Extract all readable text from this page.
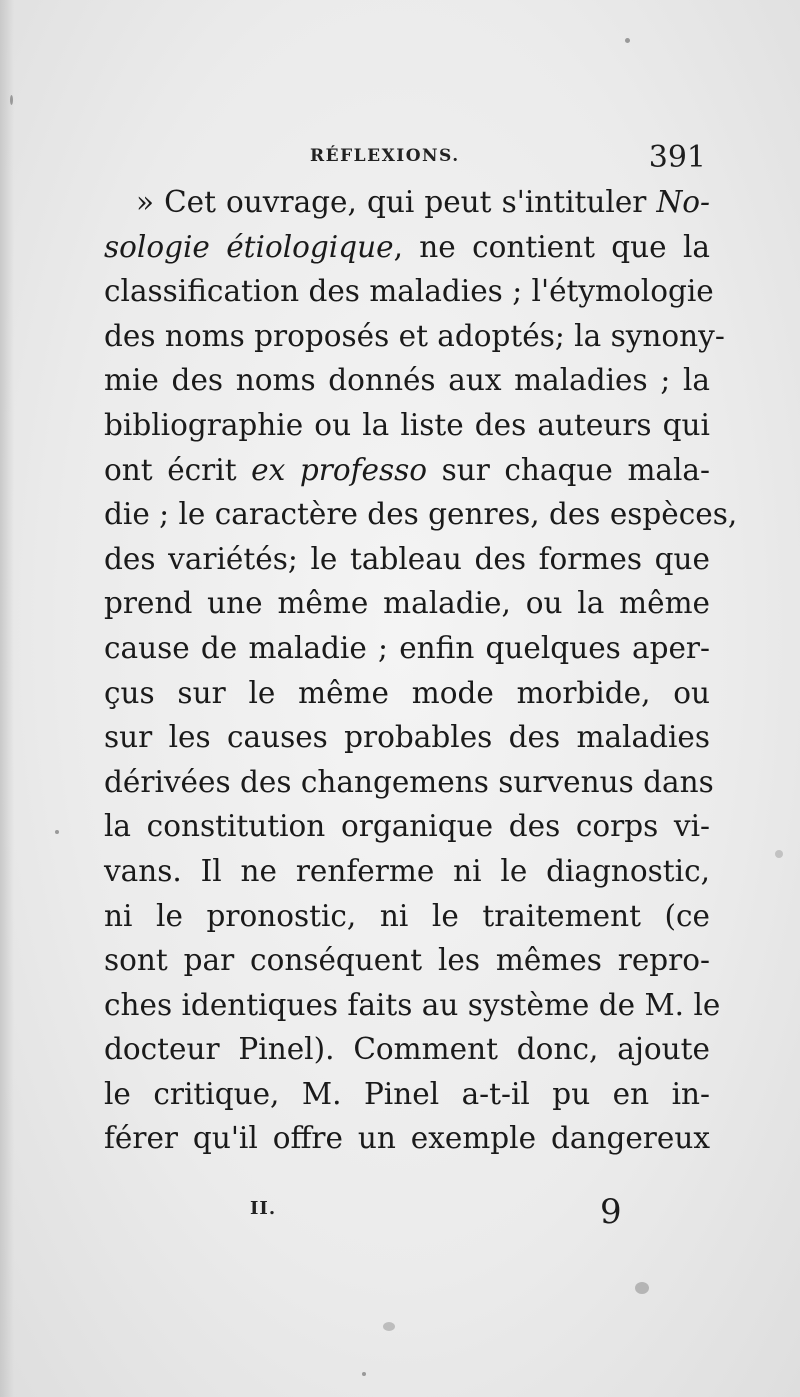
RÉFLEXIONS.	391
» Cet ouvrage, qui peut s'intituler No-
sologie étiologique, ne contient que la
classification des maladies ; l'étymologie
des noms proposés et adoptés; la synony-
mie des noms donnés aux maladies ; la
bibliographie ou la liste des auteurs qui
ont écrit ex professo sur chaque mala-
die ; le caractère des genres, des espèces,
des variétés; le tableau des formes que
prend une même maladie, ou la même
cause de maladie ; enfin quelques aper-
çus sur le même mode morbide, ou
sur les causes probables des maladies
dérivées des changemens survenus dans
la constitution organique des corps vi-
vans. Il ne renferme ni le diagnostic,
ni le pronostic, ni le traitement (ce
sont par conséquent les mêmes repro-
ches identiques faits au système de M. le
docteur Pinel). Comment donc, ajoute
le critique, M. Pinel a-t-il pu en in-
férer qu'il offre un exemple dangereux
II.	9
